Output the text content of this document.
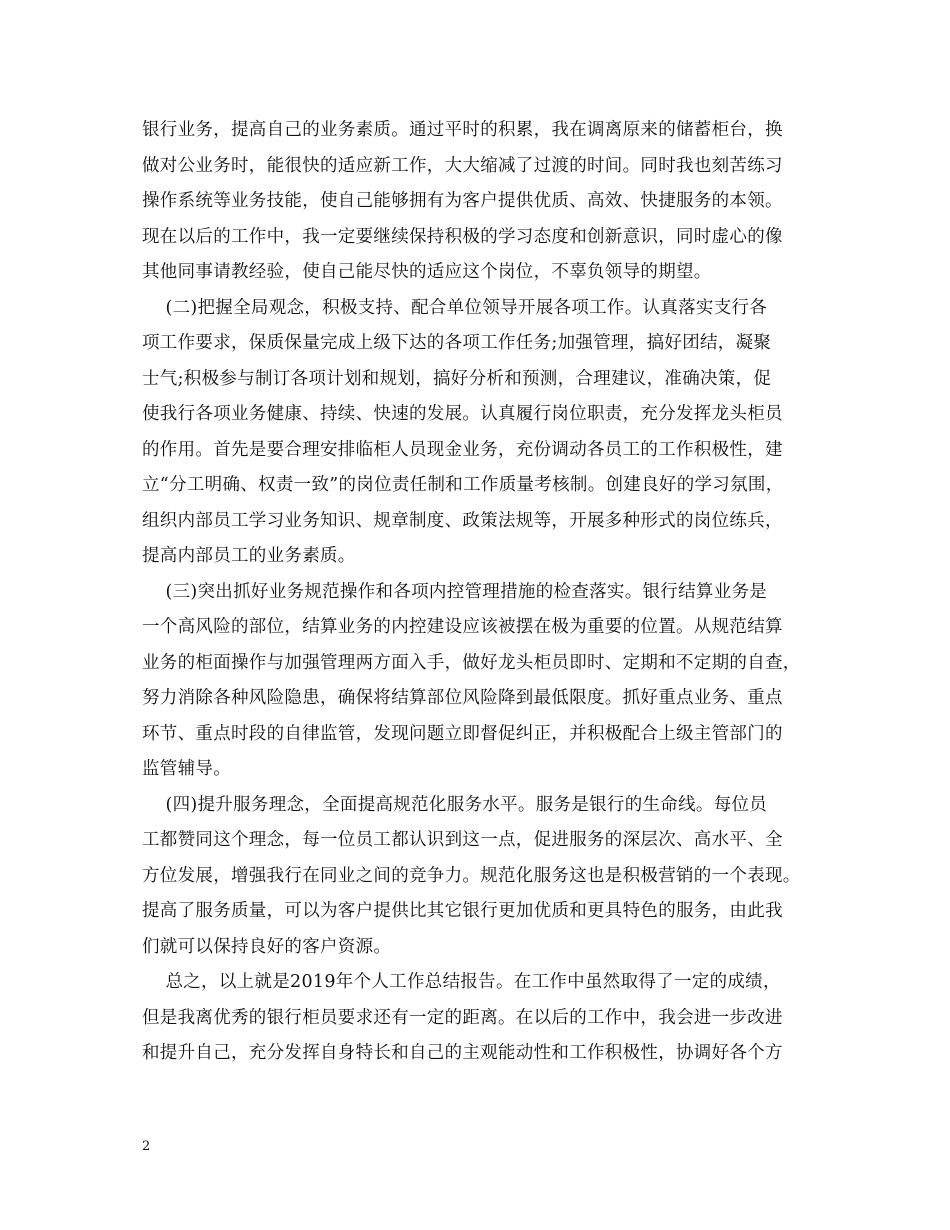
银行业务，提高自己的业务素质。通过平时的积累，我在调离原来的储蓄柜台，换
做对公业务时，能很快的适应新工作，大大缩减了过渡的时间。同时我也刻苦练习
操作系统等业务技能，使自己能够拥有为客户提供优质、高效、快捷服务的本领。
现在以后的工作中，我一定要继续保持积极的学习态度和创新意识，同时虚心的像
其他同事请教经验，使自己能尽快的适应这个岗位，不辜负领导的期望。
(二)把握全局观念，积极支持、配合单位领导开展各项工作。认真落实支行各
项工作要求，保质保量完成上级下达的各项工作任务;加强管理，搞好团结，凝聚
士气;积极参与制订各项计划和规划，搞好分析和预测，合理建议，准确决策，促
使我行各项业务健康、持续、快速的发展。认真履行岗位职责，充分发挥龙头柜员
的作用。首先是要合理安排临柜人员现金业务，充份调动各员工的工作积极性，建
立“分工明确、权责一致”的岗位责任制和工作质量考核制。创建良好的学习氛围，
组织内部员工学习业务知识、规章制度、政策法规等，开展多种形式的岗位练兵，
提高内部员工的业务素质。
(三)突出抓好业务规范操作和各项内控管理措施的检查落实。银行结算业务是
一个高风险的部位，结算业务的内控建设应该被摆在极为重要的位置。从规范结算
业务的柜面操作与加强管理两方面入手，做好龙头柜员即时、定期和不定期的自查，
努力消除各种风险隐患，确保将结算部位风险降到最低限度。抓好重点业务、重点
环节、重点时段的自律监管，发现问题立即督促纠正，并积极配合上级主管部门的
监管辅导。
(四)提升服务理念，全面提高规范化服务水平。服务是银行的生命线。每位员
工都赞同这个理念，每一位员工都认识到这一点，促进服务的深层次、高水平、全
方位发展，增强我行在同业之间的竞争力。规范化服务这也是积极营销的一个表现。
提高了服务质量，可以为客户提供比其它银行更加优质和更具特色的服务，由此我
们就可以保持良好的客户资源。
总之，以上就是2019年个人工作总结报告。在工作中虽然取得了一定的成绩，
但是我离优秀的银行柜员要求还有一定的距离。在以后的工作中，我会进一步改进
和提升自己，充分发挥自身特长和自己的主观能动性和工作积极性，协调好各个方
2
